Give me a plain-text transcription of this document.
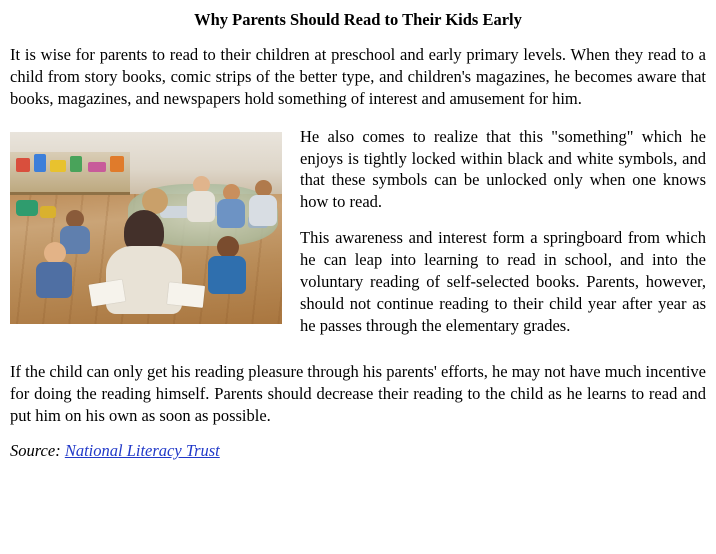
Why Parents Should Read to Their Kids Early

It is wise for parents to read to their children at preschool and early primary levels. When they read to a child from story books, comic strips of the better type, and children's magazines, he becomes aware that books, magazines, and newspapers hold something of interest and amusement for him.

He also comes to realize that this "something" which he enjoys is tightly locked within black and white symbols, and that these symbols can be unlocked only when one knows how to read.

This awareness and interest form a springboard from which he can leap into learning to read in school, and into the voluntary reading of self-selected books. Parents, however, should not continue reading to their child year after year as he passes through the elementary grades.

If the child can only get his reading pleasure through his parents' efforts, he may not have much incentive for doing the reading himself. Parents should decrease their reading to the child as he learns to read and put him on his own as soon as possible.

Source: National Literacy Trust
